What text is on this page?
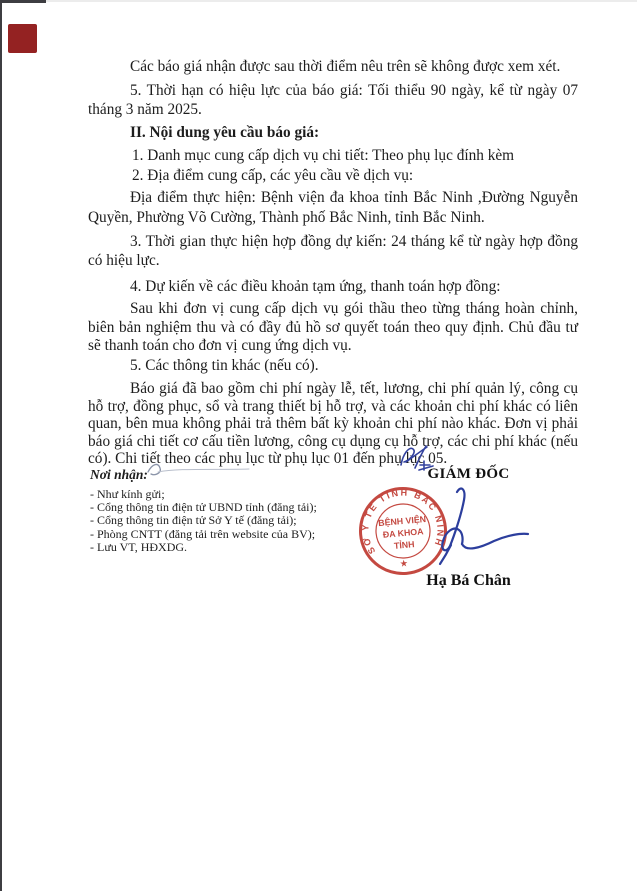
Các báo giá nhận được sau thời điểm nêu trên sẽ không được xem xét.

5. Thời hạn có hiệu lực của báo giá: Tối thiểu 90 ngày, kể từ ngày 07 tháng 3 năm 2025.

II. Nội dung yêu cầu báo giá:

1. Danh mục cung cấp dịch vụ chi tiết: Theo phụ lục đính kèm

2. Địa điểm cung cấp, các yêu cầu về dịch vụ:

Địa điểm thực hiện: Bệnh viện đa khoa tỉnh Bắc Ninh ,Đường Nguyễn Quyền, Phường Võ Cường, Thành phố Bắc Ninh, tỉnh Bắc Ninh.

3. Thời gian thực hiện hợp đồng dự kiến: 24 tháng kể từ ngày hợp đồng có hiệu lực.

4. Dự kiến về các điều khoản tạm ứng, thanh toán hợp đồng:

Sau khi đơn vị cung cấp dịch vụ gói thầu theo từng tháng hoàn chỉnh, biên bản nghiệm thu và có đầy đủ hồ sơ quyết toán theo quy định. Chủ đầu tư sẽ thanh toán cho đơn vị cung ứng dịch vụ.

5. Các thông tin khác (nếu có).

Báo giá đã bao gồm chi phí ngày lễ, tết, lương, chi phí quản lý, công cụ hỗ trợ, đồng phục, sổ và trang thiết bị hỗ trợ, và các khoản chi phí khác có liên quan, bên mua không phải trả thêm bất kỳ khoản chi phí nào khác. Đơn vị phải báo giá chi tiết cơ cấu tiền lương, công cụ dụng cụ hỗ trợ, các chi phí khác (nếu có). Chi tiết theo các phụ lục từ phụ lục 01 đến phụ lục 05.

Nơi nhận:
- Như kính gửi;
- Cổng thông tin điện tử UBND tỉnh (đăng tải);
- Cổng thông tin điện tử Sở Y tế (đăng tải);
- Phòng CNTT (đăng tải trên website của BV);
- Lưu VT, HĐXDG.
GIÁM ĐỐC
SỞ Y TẾ TỈNH BẮC NINH
BỆNH VIỆN
ĐA KHOA
TỈNH
★
Hạ Bá Chân
